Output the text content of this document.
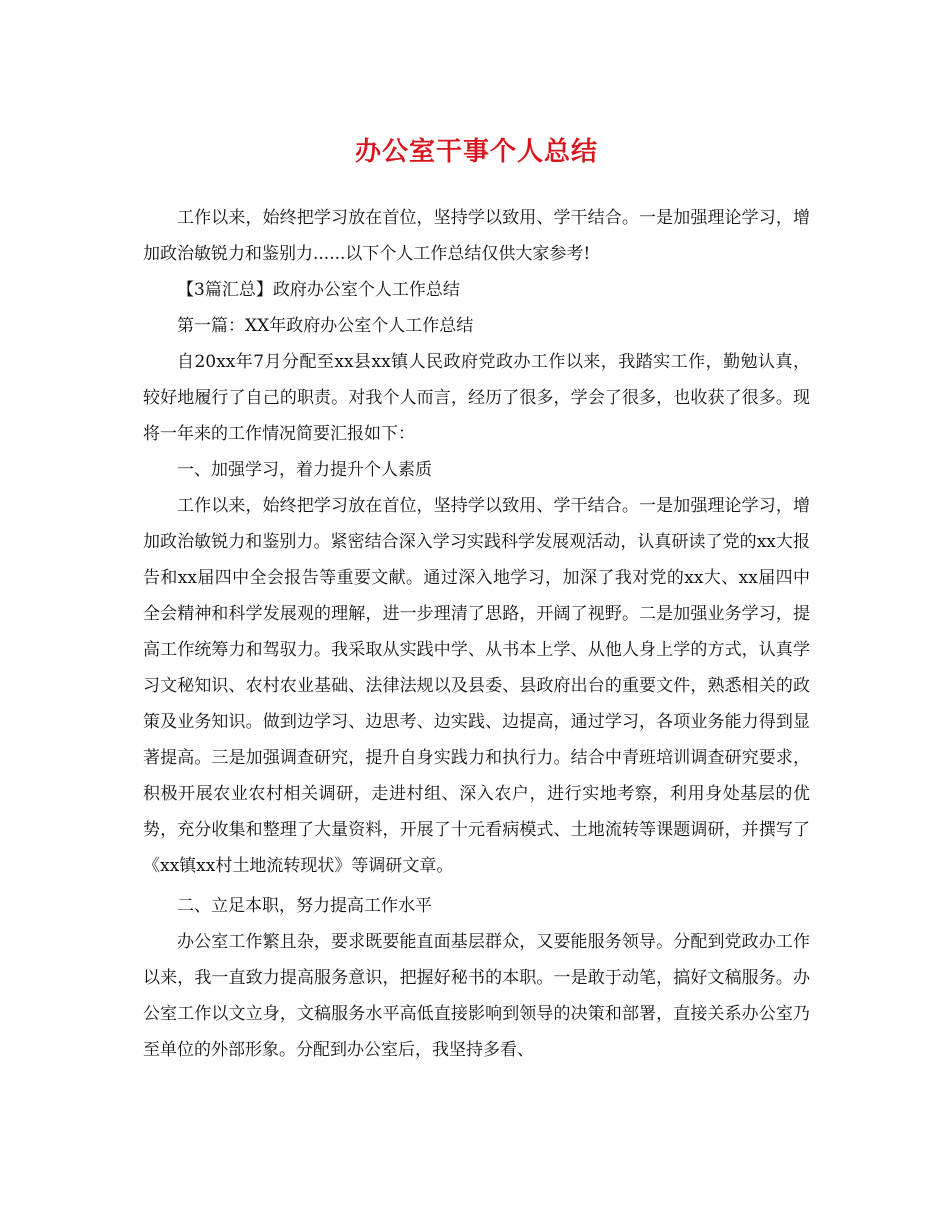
办公室干事个人总结

工作以来，始终把学习放在首位，坚持学以致用、学干结合。一是加强理论学习，增加政治敏锐力和鉴别力......以下个人工作总结仅供大家参考!

【3篇汇总】政府办公室个人工作总结

第一篇：XX年政府办公室个人工作总结

自20xx年7月分配至xx县xx镇人民政府党政办工作以来，我踏实工作，勤勉认真，较好地履行了自己的职责。对我个人而言，经历了很多，学会了很多，也收获了很多。现将一年来的工作情况简要汇报如下：

一、加强学习，着力提升个人素质

工作以来，始终把学习放在首位，坚持学以致用、学干结合。一是加强理论学习，增加政治敏锐力和鉴别力。紧密结合深入学习实践科学发展观活动，认真研读了党的xx大报告和xx届四中全会报告等重要文献。通过深入地学习，加深了我对党的xx大、xx届四中全会精神和科学发展观的理解，进一步理清了思路，开阔了视野。二是加强业务学习，提高工作统筹力和驾驭力。我采取从实践中学、从书本上学、从他人身上学的方式，认真学习文秘知识、农村农业基础、法律法规以及县委、县政府出台的重要文件，熟悉相关的政策及业务知识。做到边学习、边思考、边实践、边提高，通过学习，各项业务能力得到显著提高。三是加强调查研究，提升自身实践力和执行力。结合中青班培训调查研究要求，积极开展农业农村相关调研，走进村组、深入农户，进行实地考察，利用身处基层的优势，充分收集和整理了大量资料，开展了十元看病模式、土地流转等课题调研，并撰写了《xx镇xx村土地流转现状》等调研文章。

二、立足本职，努力提高工作水平

办公室工作繁且杂，要求既要能直面基层群众，又要能服务领导。分配到党政办工作以来，我一直致力提高服务意识，把握好秘书的本职。一是敢于动笔，搞好文稿服务。办公室工作以文立身，文稿服务水平高低直接影响到领导的决策和部署，直接关系办公室乃至单位的外部形象。分配到办公室后，我坚持多看、
